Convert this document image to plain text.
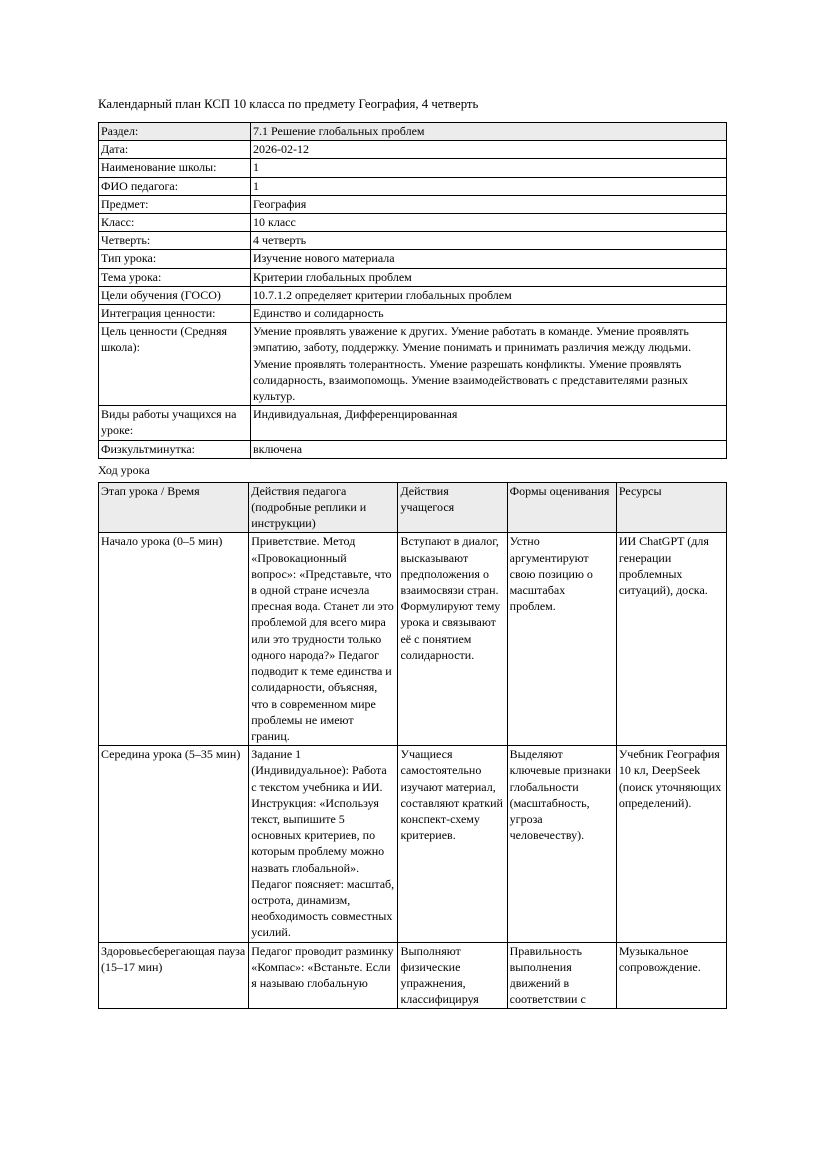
Календарный план КСП 10 класса по предмету География, 4 четверть

Раздел:	7.1 Решение глобальных проблем
Дата:	2026-02-12
Наименование школы:	1
ФИО педагога:	1
Предмет:	География
Класс:	10 класс
Четверть:	4 четверть
Тип урока:	Изучение нового материала
Тема урока:	Критерии глобальных проблем
Цели обучения (ГОСО)	10.7.1.2 определяет критерии глобальных проблем
Интеграция ценности:	Единство и солидарность
Цель ценности (Средняя школа):	Умение проявлять уважение к других. Умение работать в команде. Умение проявлять эмпатию, заботу, поддержку. Умение понимать и принимать различия между людьми. Умение проявлять толерантность. Умение разрешать конфликты. Умение проявлять солидарность, взаимопомощь. Умение взаимодействовать с представителями разных культур.
Виды работы учащихся на уроке:	Индивидуальная, Дифференцированная
Физкультминутка:	включена

Ход урока

Этап урока / Время	Действия педагога (подробные реплики и инструкции)	Действия учащегося	Формы оценивания	Ресурсы
Начало урока (0–5 мин)	Приветствие. Метод «Провокационный вопрос»: «Представьте, что в одной стране исчезла пресная вода. Станет ли это проблемой для всего мира или это трудности только одного народа?» Педагог подводит к теме единства и солидарности, объясняя, что в современном мире проблемы не имеют границ.	Вступают в диалог, высказывают предположения о взаимосвязи стран. Формулируют тему урока и связывают её с понятием солидарности.	Устно аргументируют свою позицию о масштабах проблем.	ИИ ChatGPT (для генерации проблемных ситуаций), доска.
Середина урока (5–35 мин)	Задание 1 (Индивидуальное): Работа с текстом учебника и ИИ. Инструкция: «Используя текст, выпишите 5 основных критериев, по которым проблему можно назвать глобальной». Педагог поясняет: масштаб, острота, динамизм, необходимость совместных усилий.	Учащиеся самостоятельно изучают материал, составляют краткий конспект-схему критериев.	Выделяют ключевые признаки глобальности (масштабность, угроза человечеству).	Учебник География 10 кл, DeepSeek (поиск уточняющих определений).

Здоровьесберегающая пауза (15–17 мин)	Педагог проводит разминку «Компас»: «Встаньте. Если я называю глобальную	Выполняют физические упражнения, классифицируя	Правильность выполнения движений в соответствии с	Музыкальное сопровождение.
